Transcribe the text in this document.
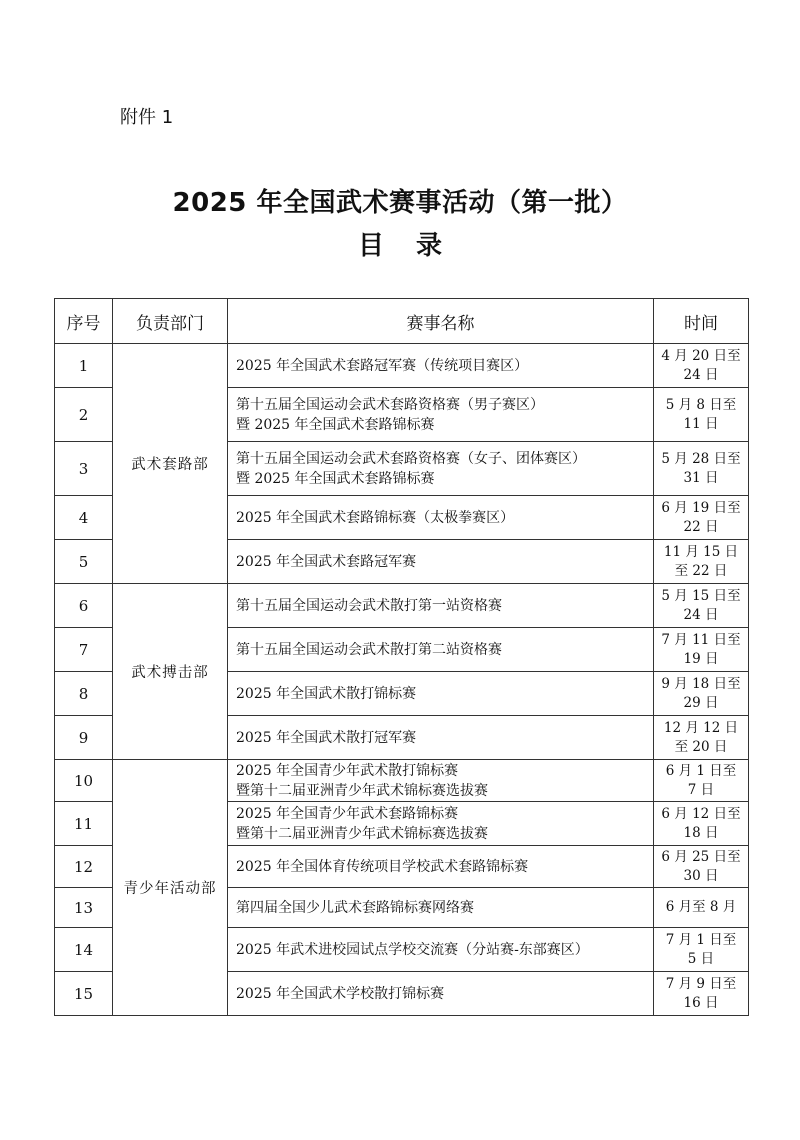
附件 1
2025 年全国武术赛事活动（第一批）
目录
序号	负责部门	赛事名称	时间
1	武术套路部	2025 年全国武术套路冠军赛（传统项目赛区）	4 月 20 日至
24 日

2		第十五届全国运动会武术套路资格赛（男子赛区）
暨 2025 年全国武术套路锦标赛	5 月 8 日至
11 日

3		第十五届全国运动会武术套路资格赛（女子、团体赛区）
暨 2025 年全国武术套路锦标赛	5 月 28 日至
31 日

4		2025 年全国武术套路锦标赛（太极拳赛区）	6 月 19 日至
22 日

5		2025 年全国武术套路冠军赛	11 月 15 日
至 22 日

6	武术搏击部	第十五届全国运动会武术散打第一站资格赛	5 月 15 日至
24 日

7		第十五届全国运动会武术散打第二站资格赛	7 月 11 日至
19 日

8		2025 年全国武术散打锦标赛	9 月 18 日至
29 日

9		2025 年全国武术散打冠军赛	12 月 12 日
至 20 日

10	青少年活动部	2025 年全国青少年武术散打锦标赛
暨第十二届亚洲青少年武术锦标赛选拔赛	6 月 1 日至
7 日

11		2025 年全国青少年武术套路锦标赛
暨第十二届亚洲青少年武术锦标赛选拔赛	6 月 12 日至
18 日

12		2025 年全国体育传统项目学校武术套路锦标赛	6 月 25 日至
30 日

13		第四届全国少儿武术套路锦标赛网络赛	6 月至 8 月

14		2025 年武术进校园试点学校交流赛（分站赛-东部赛区）	7 月 1 日至
5 日

15		2025 年全国武术学校散打锦标赛	7 月 9 日至
16 日
